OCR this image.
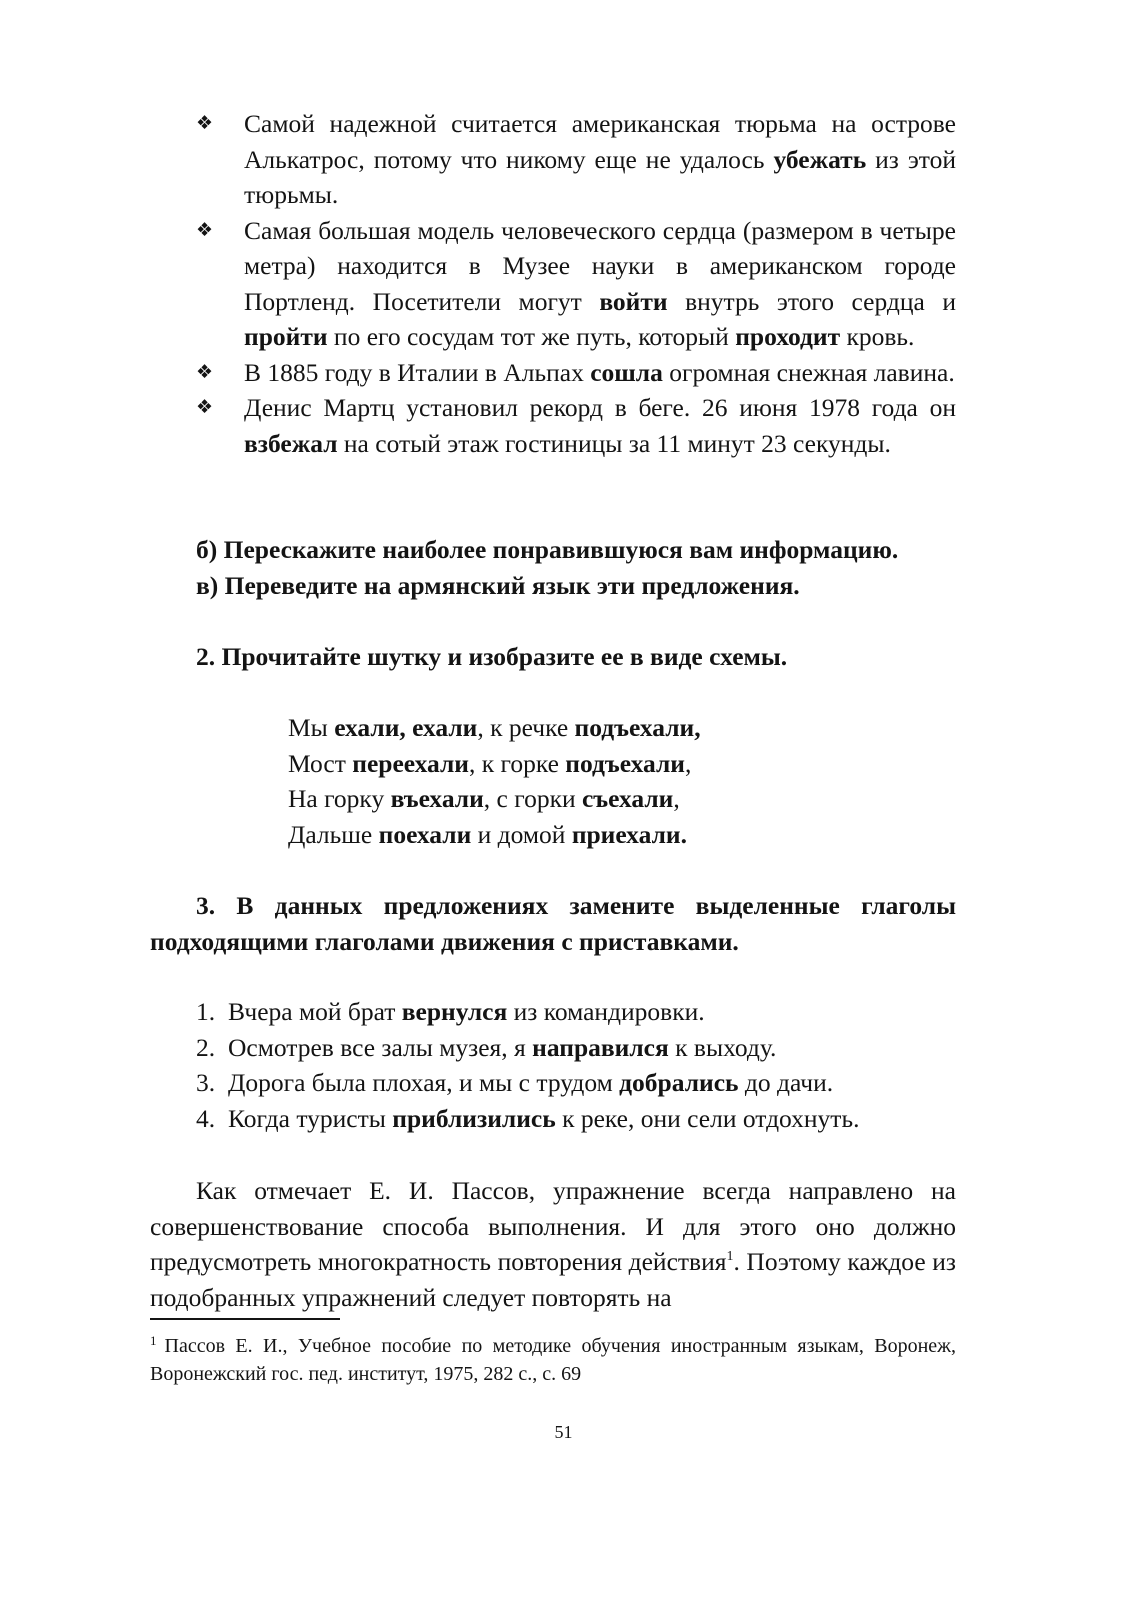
❖ Самой надежной считается американская тюрьма на острове Алькатрос, потому что никому еще не удалось убежать из этой тюрьмы.
❖ Самая большая модель человеческого сердца (размером в четыре метра) находится в Музее науки в американском городе Портленд. Посетители могут войти внутрь этого сердца и пройти по его сосудам тот же путь, который проходит кровь.
❖ В 1885 году в Италии в Альпах сошла огромная снежная лавина.
❖ Денис Мартц установил рекорд в беге. 26 июня 1978 года он взбежал на сотый этаж гостиницы за 11 минут 23 секунды.
б) Перескажите наиболее понравившуюся вам информацию.
в) Переведите на армянский язык эти предложения.
2. Прочитайте шутку и изобразите ее в виде схемы.
Мы ехали, ехали, к речке подъехали,
Мост переехали, к горке подъехали,
На горку въехали, с горки съехали,
Дальше поехали и домой приехали.
3. В данных предложениях замените выделенные глаголы подходящими глаголами движения с приставками.
1. Вчера мой брат вернулся из командировки.
2. Осмотрев все залы музея, я направился к выходу.
3. Дорога была плохая, и мы с трудом добрались до дачи.
4. Когда туристы приблизились к реке, они сели отдохнуть.
Как отмечает Е. И. Пассов, упражнение всегда направлено на совершенствование способа выполнения. И для этого оно должно предусмотреть многократность повторения действия$^1$. Поэтому каждое из подобранных упражнений следует повторять на
$^1$ Пассов Е. И., Учебное пособие по методике обучения иностранным языкам, Воронеж, Воронежский гос. пед. институт, 1975, 282 с., с. 69
51
